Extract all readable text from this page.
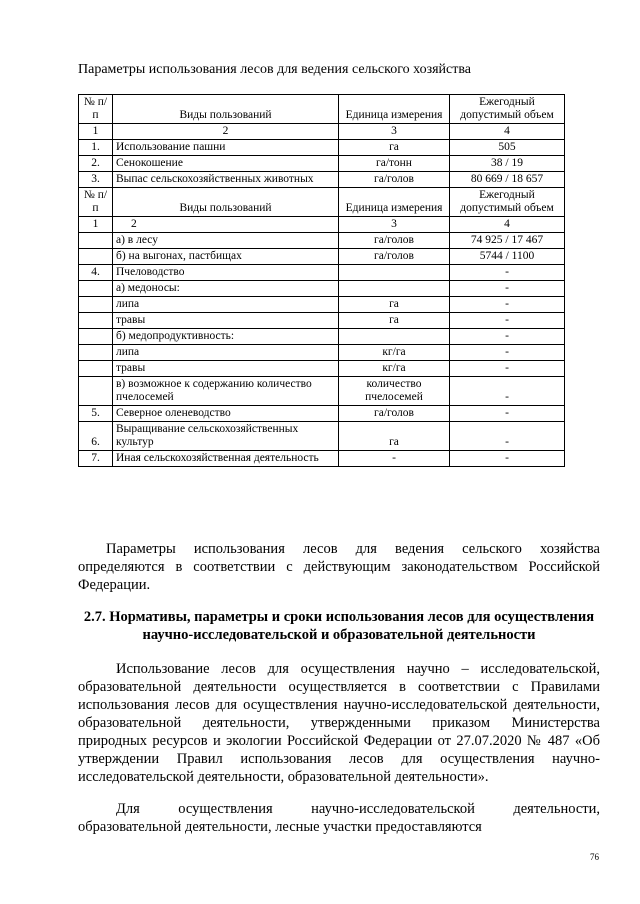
Параметры использования лесов для ведения сельского хозяйства
№ п/п	Виды пользований	Единица измерения	Ежегодный допустимый объем
1	2	3	4
1.	Использование пашни	га	505
2.	Сенокошение	га/тонн	38 / 19
3.	Выпас сельскохозяйственных животных	га/голов	80 669 / 18 657
№ п/п	Виды пользований	Единица измерения	Ежегодный допустимый объем
1	2	3	4
	а) в лесу	га/голов	74 925 / 17 467
	б) на выгонах, пастбищах	га/голов	5744 / 1100
4.	Пчеловодство		-
	а) медоносы:		-
	липа	га	-
	травы	га	-
	б) медопродуктивность:		-
	липа	кг/га	-
	травы	кг/га	-
	в) возможное к содержанию количество пчелосемей	количество пчелосемей	-
5.	Северное оленеводство	га/голов	-
6.	Выращивание сельскохозяйственных культур	га	-
7.	Иная сельскохозяйственная деятельность	-	-
Параметры использования лесов для ведения сельского хозяйства определяются в соответствии с действующим законодательством Российской Федерации.
2.7. Нормативы, параметры и сроки использования лесов для осуществления научно-исследовательской и образовательной деятельности
Использование лесов для осуществления научно – исследовательской, образовательной деятельности осуществляется в соответствии с Правилами использования лесов для осуществления научно-исследовательской деятельности, образовательной деятельности, утвержденными приказом Министерства природных ресурсов и экологии Российской Федерации от 27.07.2020 № 487 «Об утверждении Правил использования лесов для осуществления научно-исследовательской деятельности, образовательной деятельности».
Для осуществления научно-исследовательской деятельности, образовательной деятельности, лесные участки предоставляются
76
